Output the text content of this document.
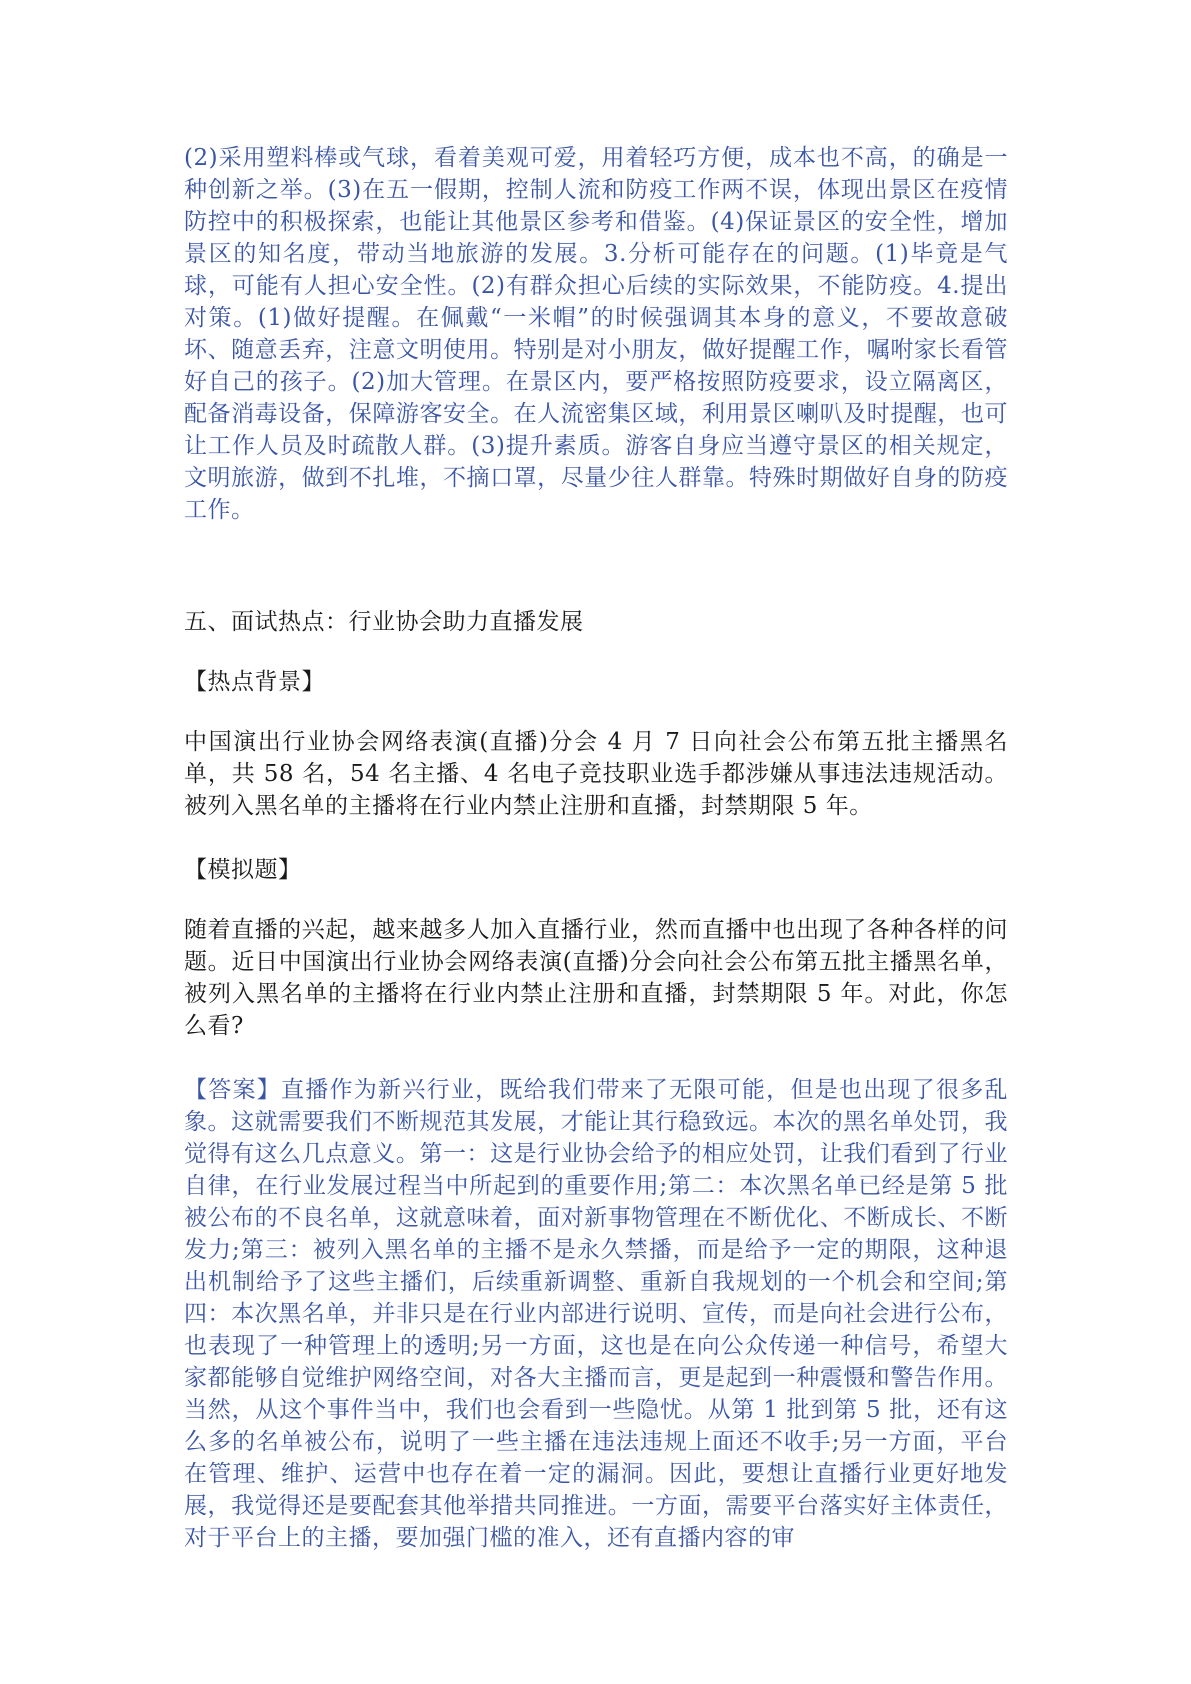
(2)采用塑料棒或气球，看着美观可爱，用着轻巧方便，成本也不高，的确是一种创新之举。(3)在五一假期，控制人流和防疫工作两不误，体现出景区在疫情防控中的积极探索，也能让其他景区参考和借鉴。(4)保证景区的安全性，增加景区的知名度，带动当地旅游的发展。3.分析可能存在的问题。(1)毕竟是气球，可能有人担心安全性。(2)有群众担心后续的实际效果，不能防疫。4.提出对策。(1)做好提醒。在佩戴“一米帽”的时候强调其本身的意义，不要故意破坏、随意丢弃，注意文明使用。特别是对小朋友，做好提醒工作，嘱咐家长看管好自己的孩子。(2)加大管理。在景区内，要严格按照防疫要求，设立隔离区，配备消毒设备，保障游客安全。在人流密集区域，利用景区喇叭及时提醒，也可让工作人员及时疏散人群。(3)提升素质。游客自身应当遵守景区的相关规定，文明旅游，做到不扎堆，不摘口罩，尽量少往人群靠。特殊时期做好自身的防疫工作。

五、面试热点：行业协会助力直播发展

【热点背景】

中国演出行业协会网络表演(直播)分会 4 月 7 日向社会公布第五批主播黑名单，共 58 名，54 名主播、4 名电子竞技职业选手都涉嫌从事违法违规活动。被列入黑名单的主播将在行业内禁止注册和直播，封禁期限 5 年。

【模拟题】

随着直播的兴起，越来越多人加入直播行业，然而直播中也出现了各种各样的问题。近日中国演出行业协会网络表演(直播)分会向社会公布第五批主播黑名单，被列入黑名单的主播将在行业内禁止注册和直播，封禁期限 5 年。对此，你怎么看?

【答案】直播作为新兴行业，既给我们带来了无限可能，但是也出现了很多乱象。这就需要我们不断规范其发展，才能让其行稳致远。本次的黑名单处罚，我觉得有这么几点意义。第一：这是行业协会给予的相应处罚，让我们看到了行业自律，在行业发展过程当中所起到的重要作用;第二：本次黑名单已经是第 5 批被公布的不良名单，这就意味着，面对新事物管理在不断优化、不断成长、不断发力;第三：被列入黑名单的主播不是永久禁播，而是给予一定的期限，这种退出机制给予了这些主播们，后续重新调整、重新自我规划的一个机会和空间;第四：本次黑名单，并非只是在行业内部进行说明、宣传，而是向社会进行公布，也表现了一种管理上的透明;另一方面，这也是在向公众传递一种信号，希望大家都能够自觉维护网络空间，对各大主播而言，更是起到一种震慑和警告作用。当然，从这个事件当中，我们也会看到一些隐忧。从第 1 批到第 5 批，还有这么多的名单被公布，说明了一些主播在违法违规上面还不收手;另一方面，平台在管理、维护、运营中也存在着一定的漏洞。因此，要想让直播行业更好地发展，我觉得还是要配套其他举措共同推进。一方面，需要平台落实好主体责任，对于平台上的主播，要加强门槛的准入，还有直播内容的审
